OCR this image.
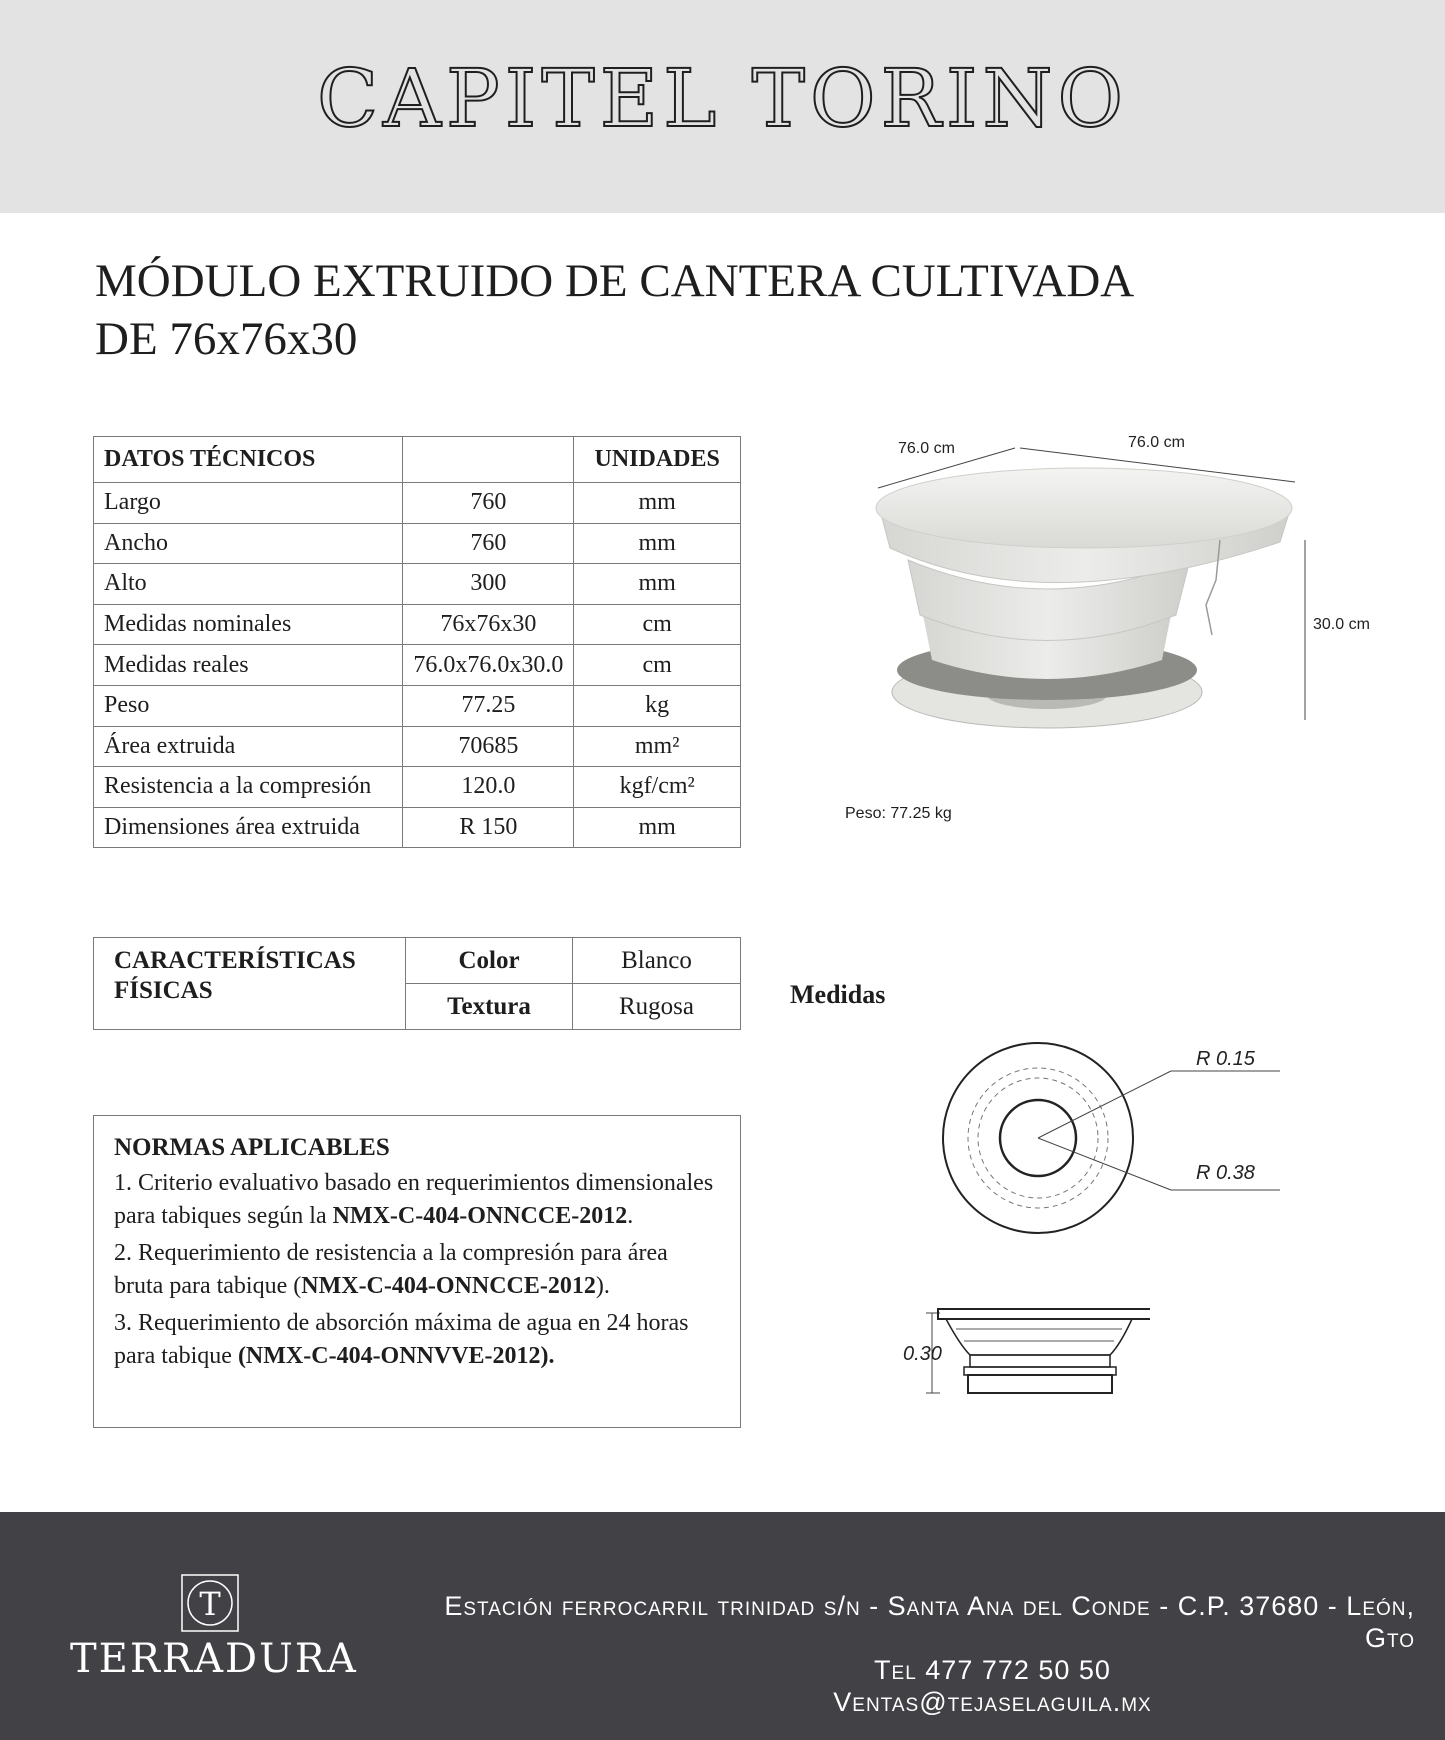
CAPITEL TORINO
MÓDULO EXTRUIDO DE CANTERA CULTIVADA
DE 76x76x30
DATOS TÉCNICOS		UNIDADES
Largo	760	mm
Ancho	760	mm
Alto	300	mm
Medidas nominales	76x76x30	cm
Medidas reales	76.0x76.0x30.0	cm
Peso	77.25	kg
Área extruida	70685	mm²
Resistencia a la compresión	120.0	kgf/cm²
Dimensiones área extruida	R 150	mm
76.0 cm	76.0 cm
30.0 cm
Peso: 77.25 kg
CARACTERÍSTICAS
FÍSICAS	Color	Blanco
	Textura	Rugosa	Medidas
R 0.15
R 0.38
0.30
NORMAS APLICABLES

1. Criterio evaluativo basado en requerimientos dimensionales para tabiques según la NMX-C-404-ONNCCE-2012.

2. Requerimiento de resistencia a la compresión para área bruta para tabique (NMX-C-404-ONNCCE-2012).

3. Requerimiento de absorción máxima de agua en 24 horas para tabique (NMX-C-404-ONNVVE-2012).

T
TERRADURA
Estación ferrocarril trinidad s/n - Santa Ana del Conde - C.P. 37680 - León, Gto
Tel 477 772 50 50
Ventas@tejaselaguila.mx
